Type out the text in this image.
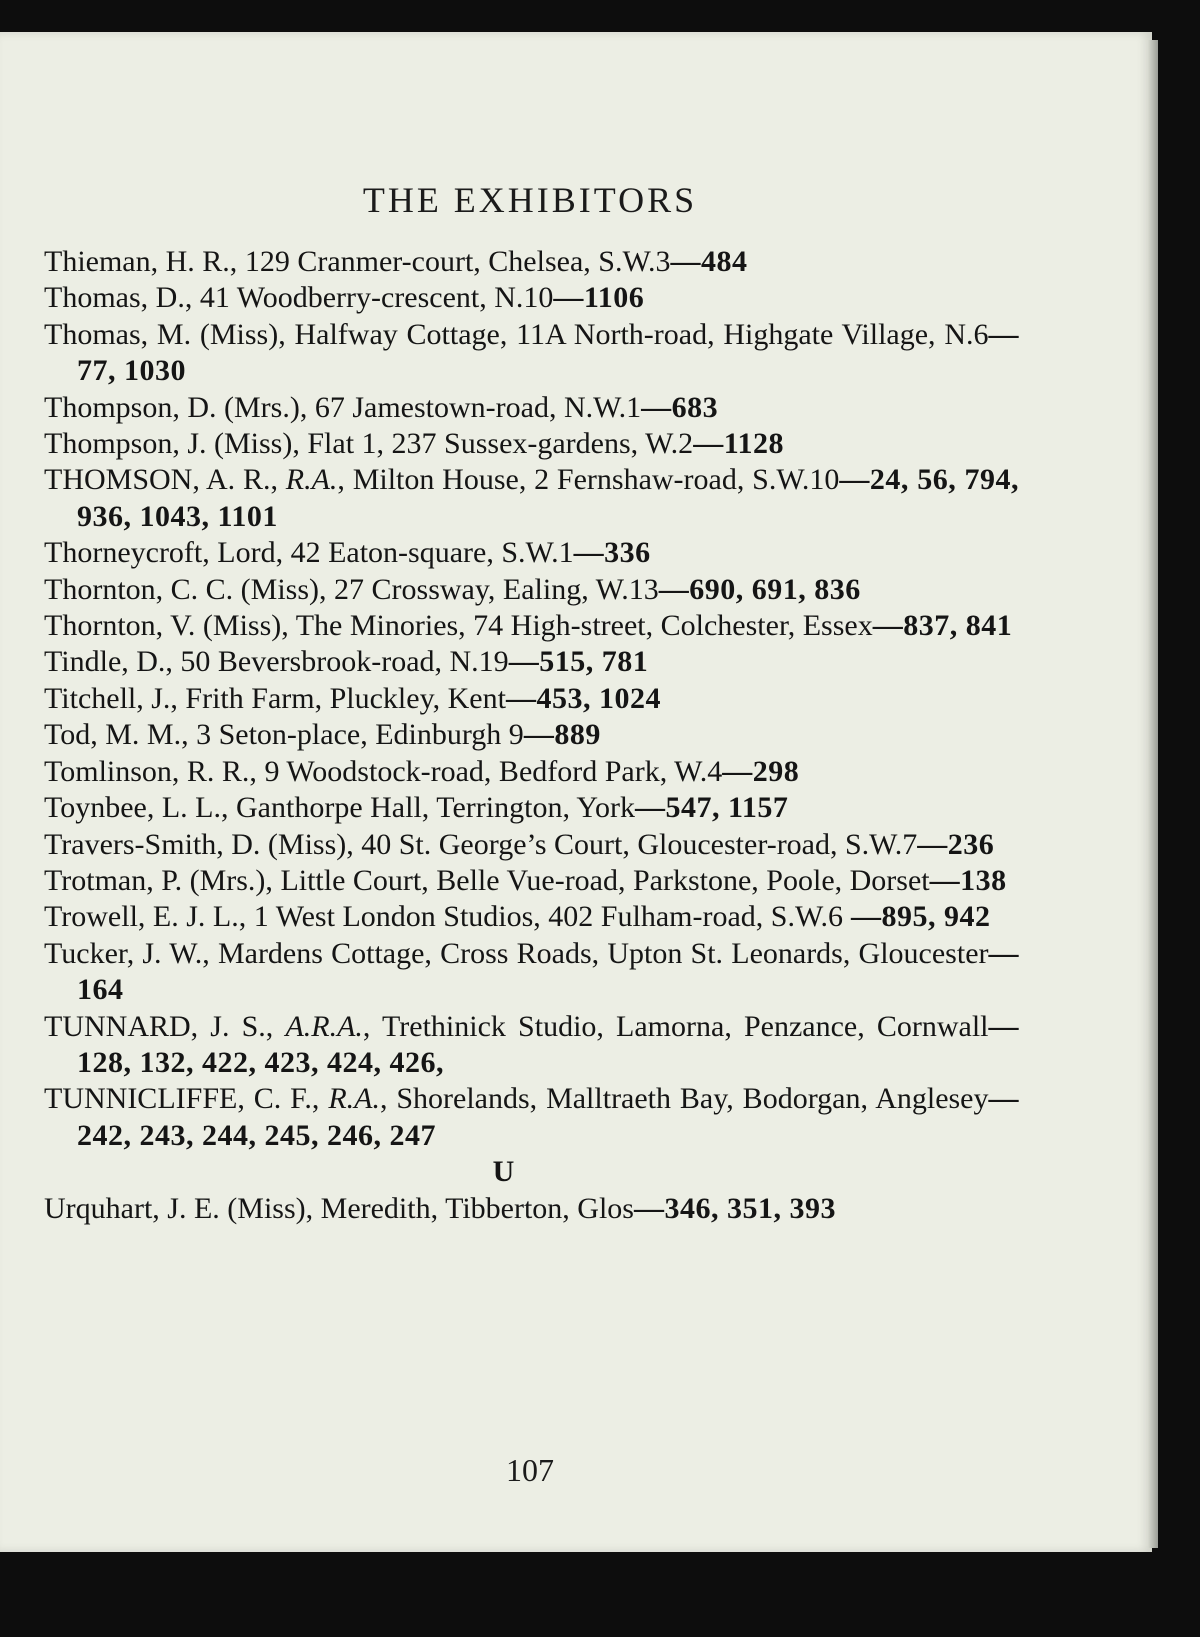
THE EXHIBITORS
Thieman, H. R., 129 Cranmer-court, Chelsea, S.W.3—484
Thomas, D., 41 Woodberry-crescent, N.10—1106
Thomas, M. (Miss), Halfway Cottage, 11A North-road, Highgate Village, N.6—77, 1030
Thompson, D. (Mrs.), 67 Jamestown-road, N.W.1—683
Thompson, J. (Miss), Flat 1, 237 Sussex-gardens, W.2—1128
THOMSON, A. R., R.A., Milton House, 2 Fernshaw-road, S.W.10—24, 56, 794, 936, 1043, 1101
Thorneycroft, Lord, 42 Eaton-square, S.W.1—336
Thornton, C. C. (Miss), 27 Crossway, Ealing, W.13—690, 691, 836
Thornton, V. (Miss), The Minories, 74 High-street, Colchester, Essex—837, 841
Tindle, D., 50 Beversbrook-road, N.19—515, 781
Titchell, J., Frith Farm, Pluckley, Kent—453, 1024
Tod, M. M., 3 Seton-place, Edinburgh 9—889
Tomlinson, R. R., 9 Woodstock-road, Bedford Park, W.4—298
Toynbee, L. L., Ganthorpe Hall, Terrington, York—547, 1157
Travers-Smith, D. (Miss), 40 St. George’s Court, Gloucester-road, S.W.7—236
Trotman, P. (Mrs.), Little Court, Belle Vue-road, Parkstone, Poole, Dorset—138
Trowell, E. J. L., 1 West London Studios, 402 Fulham-road, S.W.6 —895, 942
Tucker, J. W., Mardens Cottage, Cross Roads, Upton St. Leonards, Gloucester—164
TUNNARD, J. S., A.R.A., Trethinick Studio, Lamorna, Penzance, Cornwall—128, 132, 422, 423, 424, 426,
TUNNICLIFFE, C. F., R.A., Shorelands, Malltraeth Bay, Bodorgan, Anglesey—242, 243, 244, 245, 246, 247
U
Urquhart, J. E. (Miss), Meredith, Tibberton, Glos—346, 351, 393
107
